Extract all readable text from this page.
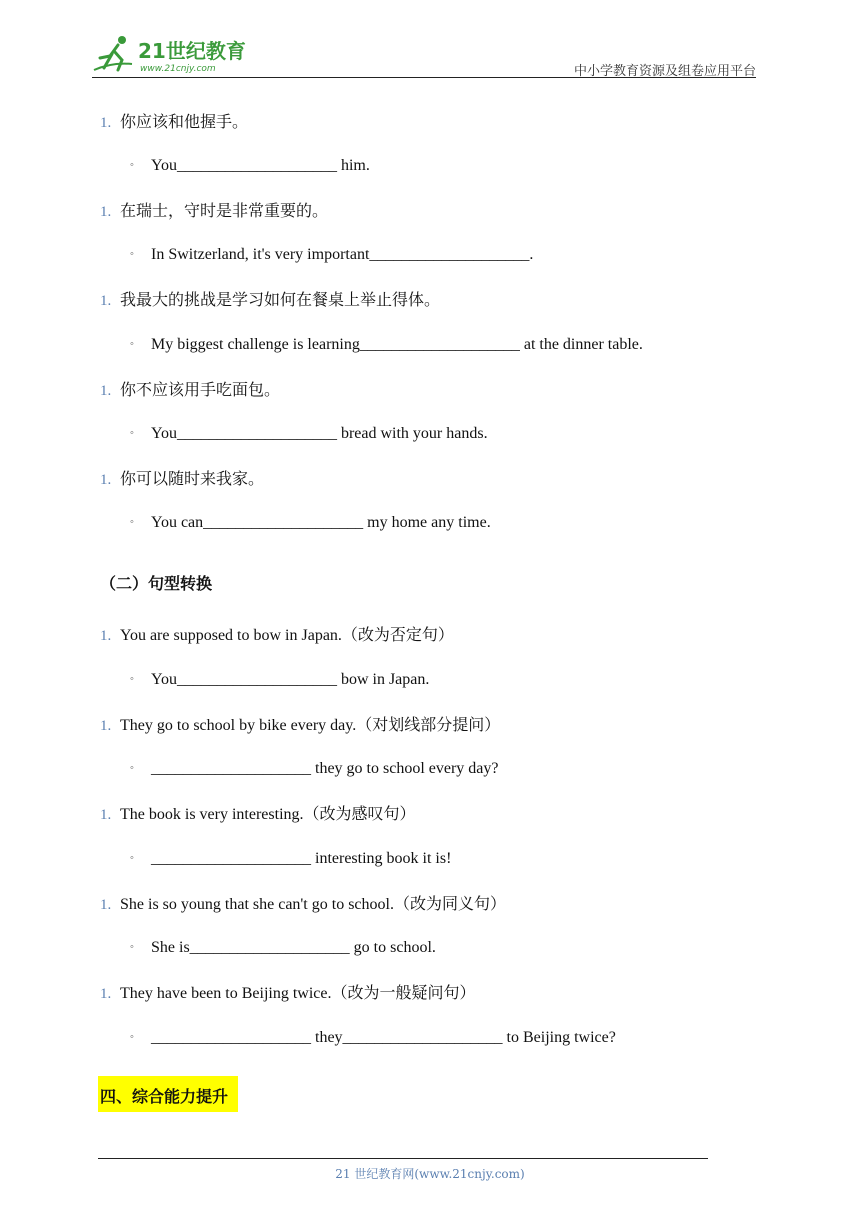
21世纪教育
www.21cnjy.com	中小学教育资源及组卷应用平台
1. 你应该和他握手。
◦ You____________________ him.
1. 在瑞士，守时是非常重要的。
◦ In Switzerland, it's very important____________________.
1. 我最大的挑战是学习如何在餐桌上举止得体。
◦ My biggest challenge is learning____________________ at the dinner table.
1. 你不应该用手吃面包。
◦ You____________________ bread with your hands.
1. 你可以随时来我家。
◦ You can____________________ my home any time.
（二）句型转换
1. You are supposed to bow in Japan.（改为否定句）
◦ You____________________ bow in Japan.
1. They go to school by bike every day.（对划线部分提问）
◦ ____________________ they go to school every day?
1. The book is very interesting.（改为感叹句）
◦ ____________________ interesting book it is!
1. She is so young that she can't go to school.（改为同义句）
◦ She is____________________ go to school.
1. They have been to Beijing twice.（改为一般疑问句）
◦ ____________________ they____________________ to Beijing twice?
四、综合能力提升
21 世纪教育网(www.21cnjy.com)
